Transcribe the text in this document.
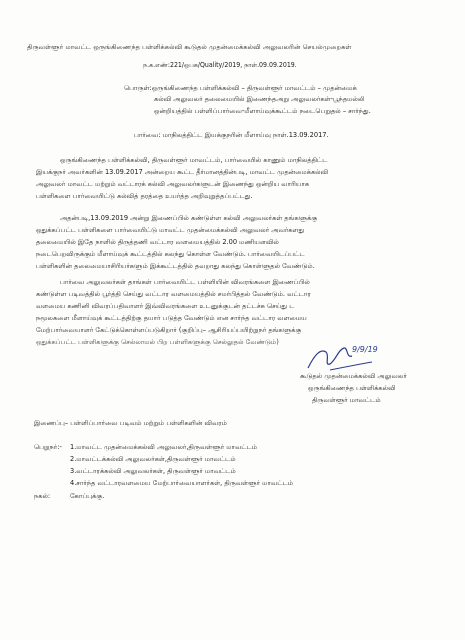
திருவள்ளூர் மாவட்ட ஒருங்கிணைந்த பள்ளிக்கல்வி கூடுதல் முதன்மைக்கல்வி அலுவலரின் செயல்முறைகள்
ந.க.எண்:221/ஒபக/Quality/2019, நாள்.09.09.2019.
பொருள்:ஒருங்கிணைந்த பள்ளிக்கல்வி – திருவள்ளூர் மாவட்டம் – முதன்மைக்
கல்வி அலுவலர் தலைமையில் இணைந்தஅறு அலுவலர்கள்-பூந்தமல்லி
ஒன்றியத்தில் பள்ளிப்பார்வை-மீளாய்வுக்கூட்டம் நடைபெறுதல் – சார்ந்து.
பார்வை: மாநிலத்திட்ட இயக்குநரின் மீளாய்வு நாள்.13.09.2017.
ஒருங்கிணைந்த பள்ளிக்கல்வி, திருவள்ளூர் மாவட்டம், பார்வையில் காணும் மாநிலத்திட்ட
இயக்குநர் அவர்களின் 13.09.2017 அன்றைய கூட்ட தீர்மானத்தின்படி, மாவட்ட முதன்மைக்கல்வி
அலுவலர் மாவட்ட மற்றும் வட்டாரக் கல்வி அலுவலர்களுடன் இணைந்து ஒன்றிய வாரியாக
பள்ளிகளை பார்வையிட்டு கல்வித் தரத்தை உயர்த்த அறிவுறுத்தப்பட்டது.
அதன்படி,13.09.2019 அன்று இணைப்பில் கண்டுள்ள கல்வி அலுவலர்கள் தங்களுக்கு
ஒதுக்கப்பட்ட பள்ளிகளை பார்வையிட்டு மாவட்ட முதன்மைக்கல்வி அலுவலர் அவர்களது
தலைமையில் இதே நாளில் திருத்தணி வட்டார வளமையத்தில் 2.00 மணியளவில்
நடைபெறவிருக்கும் மீளாய்வுக் கூட்டத்தில் கலந்து கொள்ள வேண்டும். பார்வையிடப்பட்ட
பள்ளிகளின் தலைமையாசிரியர்களும் இக்கூட்டத்தில் தவறாது கலந்து கொள்ளுதல் வேண்டும்.
பார்வை அலுவலர்கள் தாங்கள் பார்வையிட்ட பள்ளியின் விவரங்களை இணைப்பில்
கண்டுள்ள படிவத்தில் பூர்த்தி செய்து வட்டார வளமையத்தில் சமர்பித்தல் வேண்டும். வட்டார
வளமைய கணினி விவரப்பதிவாளர் இவ்விவரங்களை உடனுக்குடன் தட்டச்சு செய்து ட
நமூலகளை மீளாய்வுக் கூட்டத்திற்கு தயார் படுத்த வேண்டும் என சார்ந்த வட்டார வளமைய
மேற்பார்வையாளர் கேட்டுக்கொள்ளப்படுகிறார் (குறிப்பு– ஆசிரியப்பயிற்றுநர் தங்களுக்கு
ஒதுக்கப்பட்ட பள்ளிகளுக்கு செல்லாமல் பிற பள்ளிகளுக்கு செல்லுதல் வேண்டும்)
9/9/19
கூடுதல் முதன்மைக்கல்வி அலுவலர்
ஒருங்கிணைந்த பள்ளிக்கல்வி
திருவள்ளூர் மாவட்டம்
இணைப்பு– பள்ளிப்பார்வை படிவம் மற்றும் பள்ளிகளின் விவரம்
பெறுநர்:- 1.மாவட்ட முதன்மைக்கல்வி அலுவலர்,திருவள்ளூர் மாவட்டம்
2.மாவட்டக்கல்வி அலுவலர்கள்,திருவள்ளூர் மாவட்டம்
3.வட்டாரக்கல்வி அலுவலர்கள், திருவள்ளூர் மாவட்டம்
4.சார்ந்த வட்டாரவளமைய மேற்பார்வையாளர்கள், திருவள்ளூர் மாவட்டம்
நகல்:	கோப்புக்கு.
